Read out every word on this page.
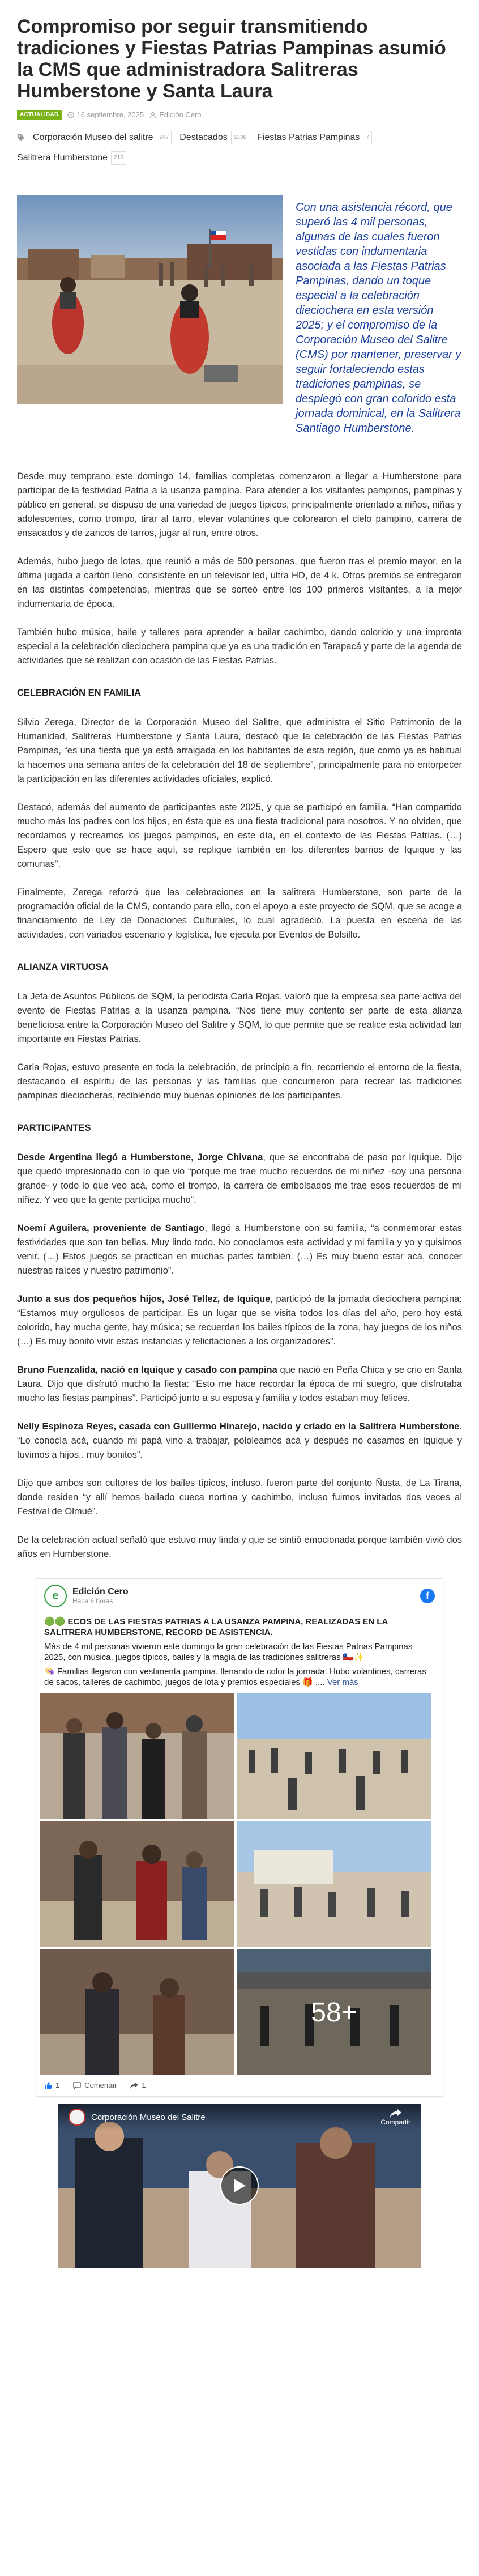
Compromiso por seguir transmitiendo tradiciones y Fiestas Patrias Pampinas asumió la CMS que administradora Salitreras Humberstone y Santa Laura
ACTUALIDAD	16 septiembre, 2025 Edición Cero
Corporación Museo del salitre	247	Destacados	6336	Fiestas Patrias Pampinas	7
Salitrera Humberstone	216

Con una asistencia récord, que superó las 4 mil personas, algunas de las cuales fueron vestidas con indumentaria asociada a las Fiestas Patrias Pampinas, dando un toque especial a la celebración dieciochera en esta versión 2025; y el compromiso de la Corporación Museo del Salitre (CMS) por mantener, preservar y seguir fortaleciendo estas tradiciones pampinas, se desplegó con gran colorido esta jornada dominical, en la Salitrera Santiago Humberstone.

Desde muy temprano este domingo 14, familias completas comenzaron a llegar a Humberstone para participar de la festividad Patria a la usanza pampina. Para atender a los visitantes pampinos, pampinas y público en general, se dispuso de una variedad de juegos típicos, principalmente orientado a niños, niñas y adolescentes, como trompo, tirar al tarro, elevar volantines que colorearon el cielo pampino, carrera de ensacados y de zancos de tarros, jugar al run, entre otros.

Además, hubo juego de lotas, que reunió a más de 500 personas, que fueron tras el premio mayor, en la última jugada a cartón lleno, consistente en un televisor led, ultra HD, de 4 k. Otros premios se entregaron en las distintas competencias, mientras que se sorteó entre los 100 primeros visitantes, a la mejor indumentaria de época.

También hubo música, baile y talleres para aprender a bailar cachimbo, dando colorido y una impronta especial a la celebración dieciochera pampina que ya es una tradición en Tarapacá y parte de la agenda de actividades que se realizan con ocasión de las Fiestas Patrias.

CELEBRACIÓN EN FAMILIA

Silvio Zerega, Director de la Corporación Museo del Salitre, que administra el Sitio Patrimonio de la Humanidad, Salitreras Humberstone y Santa Laura, destacó que la celebración de las Fiestas Patrias Pampinas, “es una fiesta que ya está arraigada en los habitantes de esta región, que como ya es habitual la hacemos una semana antes de la celebración del 18 de septiembre”, principalmente para no entorpecer la participación en las diferentes actividades oficiales, explicó.

Destacó, además del aumento de participantes este 2025, y que se participó en familia. “Han compartido mucho más los padres con los hijos, en ésta que es una fiesta tradicional para nosotros. Y no olviden, que recordamos y recreamos los juegos pampinos, en este día, en el contexto de las Fiestas Patrias. (…) Espero que esto que se hace aquí, se replique también en los diferentes barrios de Iquique y las comunas”.

Finalmente, Zerega reforzó que las celebraciones en la salitrera Humberstone, son parte de la programación oficial de la CMS, contando para ello, con el apoyo a este proyecto de SQM, que se acoge a financiamiento de Ley de Donaciones Culturales, lo cual agradeció. La puesta en escena de las actividades, con variados escenario y logística, fue ejecuta por Eventos de Bolsillo.

ALIANZA VIRTUOSA

La Jefa de Asuntos Públicos de SQM, la periodista Carla Rojas, valoró que la empresa sea parte activa del evento de Fiestas Patrias a la usanza pampina. “Nos tiene muy contento ser parte de esta alianza beneficiosa entre la Corporación Museo del Salitre y SQM, lo que permite que se realice esta actividad tan importante en Fiestas Patrias.

Carla Rojas, estuvo presente en toda la celebración, de principio a fin, recorriendo el entorno de la fiesta, destacando el espíritu de las personas y las familias que concurrieron para recrear las tradiciones pampinas dieciocheras, recibiendo muy buenas opiniones de los participantes.

PARTICIPANTES

Desde Argentina llegó a Humberstone, Jorge Chivana, que se encontraba de paso por Iquique. Dijo que quedó impresionado con lo que vio “porque me trae mucho recuerdos de mi niñez -soy una persona grande- y todo lo que veo acá, como el trompo, la carrera de embolsados me trae esos recuerdos de mi niñez. Y veo que la gente participa mucho”.

Noemí Aguilera, proveniente de Santiago, llegó a Humberstone con su familia, “a conmemorar estas festividades que son tan bellas. Muy lindo todo. No conocíamos esta actividad y mi familia y yo y quisimos venir. (…) Estos juegos se practican en muchas partes también. (…) Es muy bueno estar acá, conocer nuestras raíces y nuestro patrimonio”.

Junto a sus dos pequeños hijos, José Tellez, de Iquique, participó de la jornada dieciochera pampina: “Estamos muy orgullosos de participar. Es un lugar que se visita todos los días del año, pero hoy está colorido, hay mucha gente, hay música; se recuerdan los bailes típicos de la zona, hay juegos de los niños (…) Es muy bonito vivir estas instancias y felicitaciones a los organizadores”.

Bruno Fuenzalida, nació en Iquique y casado con pampina que nació en Peña Chica y se crio en Santa Laura. Dijo que disfrutó mucho la fiesta: “Esto me hace recordar la época de mi suegro, que disfrutaba mucho las fiestas pampinas”. Participó junto a su esposa y familia y todos estaban muy felices.

Nelly Espinoza Reyes, casada con Guillermo Hinarejo, nacido y criado en la Salitrera Humberstone. “Lo conocía acá, cuando mi papá vino a trabajar, pololeamos acá y después no casamos en Iquique y tuvimos a hijos.. muy bonitos”.

Dijo que ambos son cultores de los bailes típicos, incluso, fueron parte del conjunto Ñusta, de La Tirana, donde residen “y allí hemos bailado cueca nortina y cachimbo, incluso fuimos invitados dos veces al Festival de Olmué”.

De la celebración actual señaló que estuvo muy linda y que se sintió emocionada porque también vivió dos años en Humberstone.

e	Edición Cero
Hace 6 horas	f

🟢🟢 ECOS DE LAS FIESTAS PATRIAS A LA USANZA PAMPINA, REALIZADAS EN LA SALITRERA HUMBERSTONE, RECORD DE ASISTENCIA.

Más de 4 mil personas vivieron este domingo la gran celebración de las Fiestas Patrias Pampinas 2025, con música, juegos típicos, bailes y la magia de las tradiciones salitreras 🇨🇱✨

👒 Familias llegaron con vestimenta pampina, llenando de color la jornada. Hubo volantines, carreras de sacos, talleres de cachimbo, juegos de lota y premios especiales 🎁 .... Ver más

58+
1	Comentar	1
Corporación Museo del Salitre
Compartir
